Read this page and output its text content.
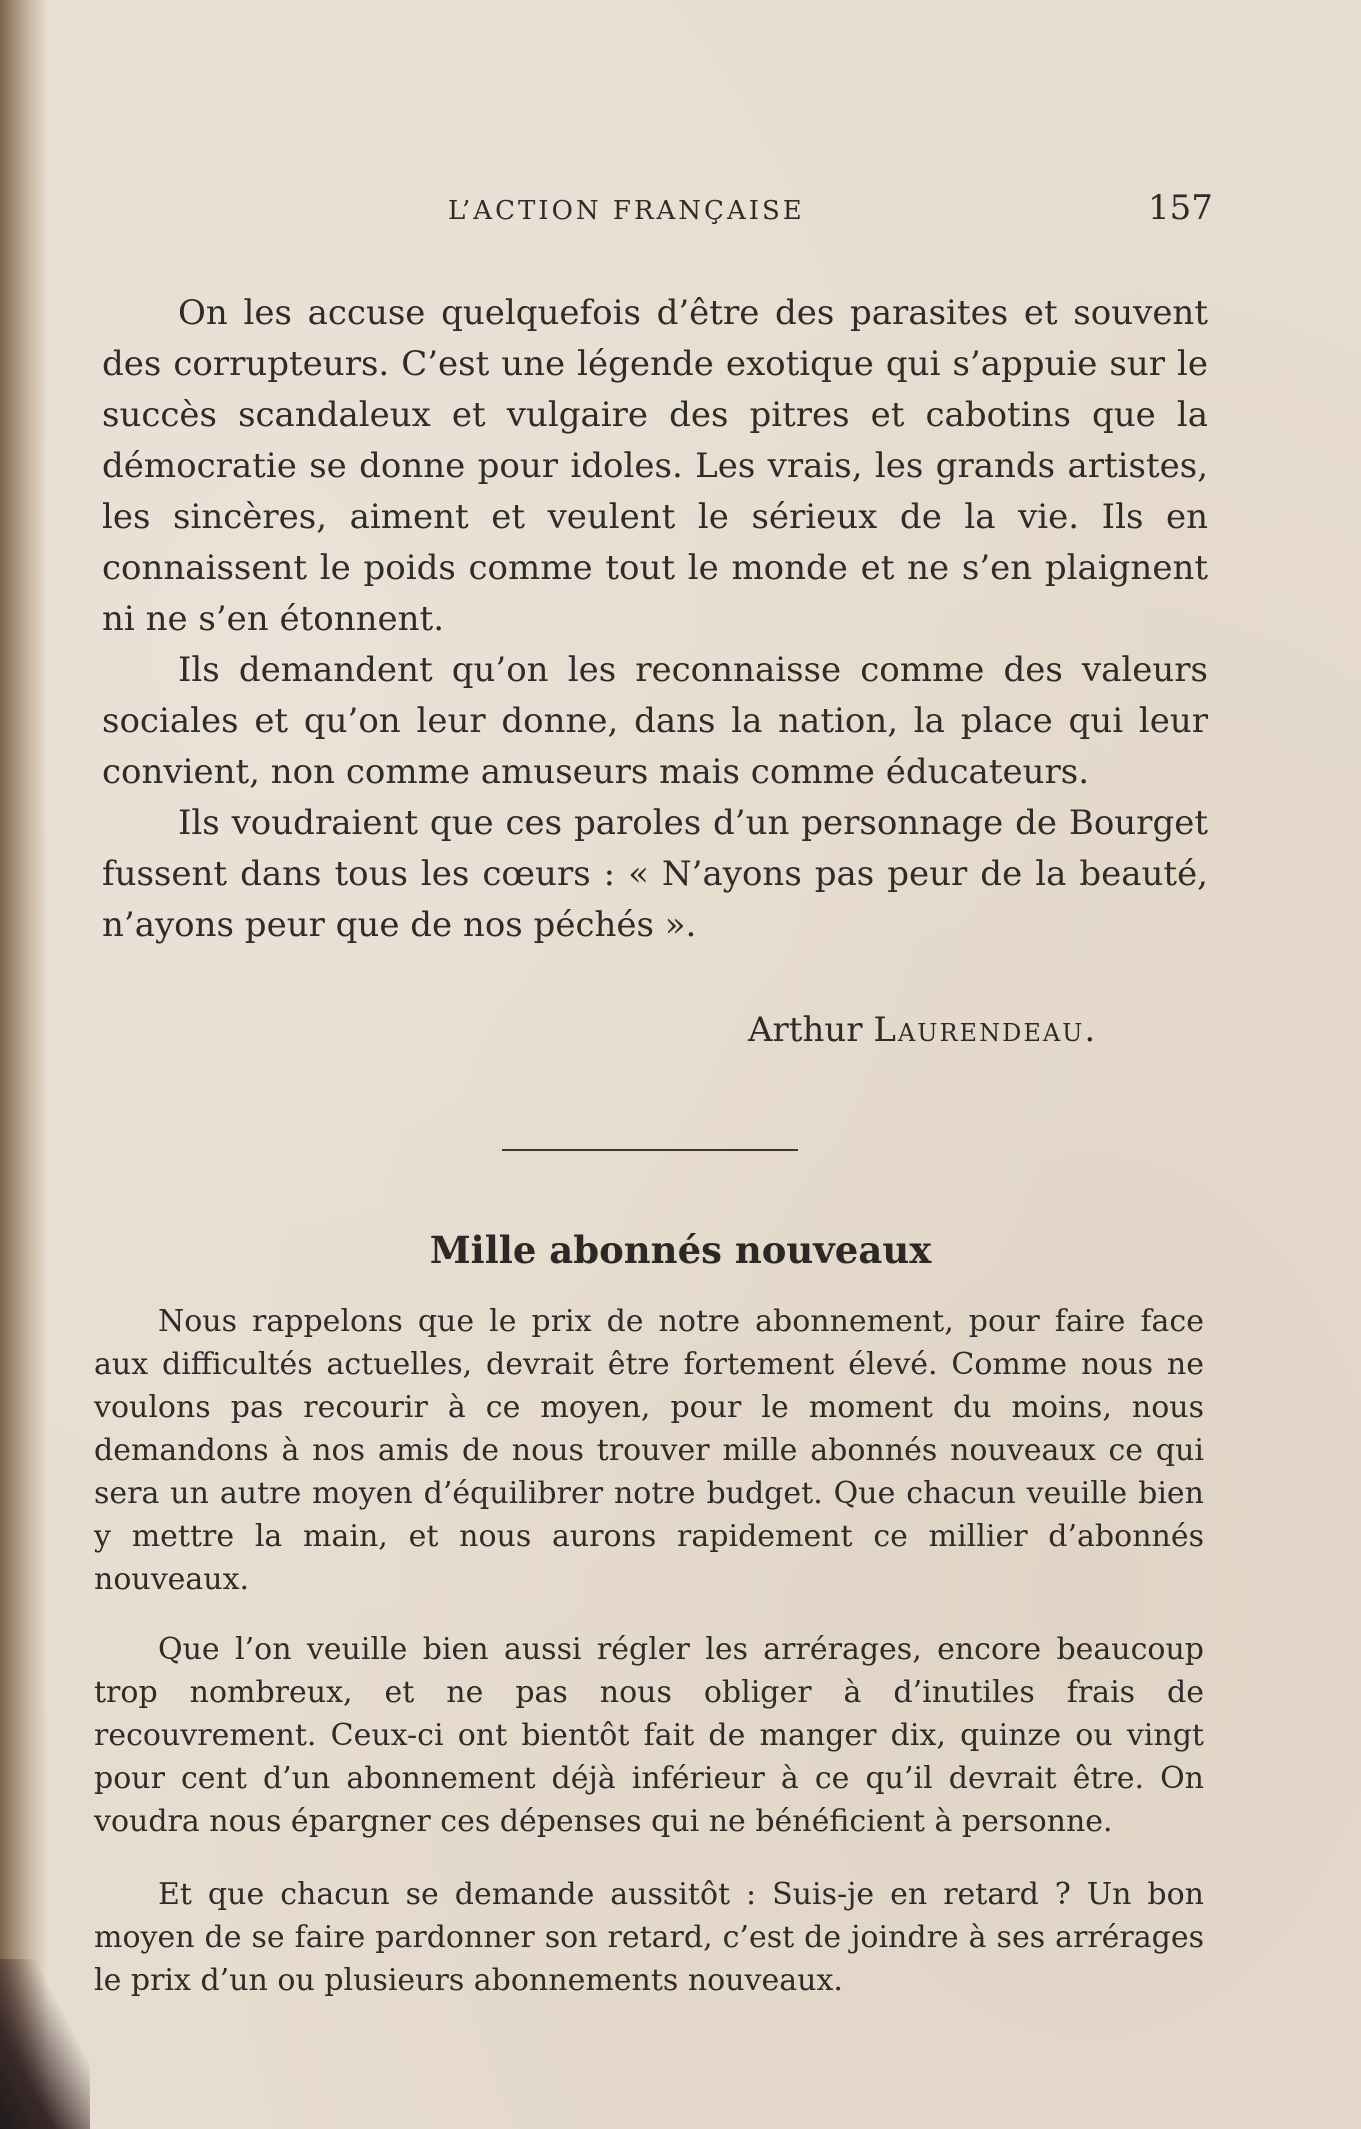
L’ACTION FRANÇAISE	157

On les accuse quelquefois d’être des parasites et souvent des corrupteurs. C’est une légende exotique qui s’appuie sur le succès scandaleux et vulgaire des pitres et cabotins que la démocratie se donne pour idoles. Les vrais, les grands artistes, les sincères, aiment et veulent le sérieux de la vie. Ils en connaissent le poids comme tout le monde et ne s’en plaignent ni ne s’en étonnent.

Ils demandent qu’on les reconnaisse comme des valeurs sociales et qu’on leur donne, dans la nation, la place qui leur convient, non comme amuseurs mais comme éducateurs.

Ils voudraient que ces paroles d’un personnage de Bourget fussent dans tous les cœurs : « N’ayons pas peur de la beauté, n’ayons peur que de nos péchés ».

Arthur Laurendeau.
Mille abonnés nouveaux

Nous rappelons que le prix de notre abonnement, pour faire face aux difficultés actuelles, devrait être fortement élevé. Comme nous ne voulons pas recourir à ce moyen, pour le moment du moins, nous demandons à nos amis de nous trouver mille abonnés nouveaux ce qui sera un autre moyen d’équilibrer notre budget. Que chacun veuille bien y mettre la main, et nous aurons rapidement ce millier d’abonnés nouveaux.

Que l’on veuille bien aussi régler les arrérages, encore beaucoup trop nombreux, et ne pas nous obliger à d’inutiles frais de recouvrement. Ceux-ci ont bientôt fait de manger dix, quinze ou vingt pour cent d’un abonnement déjà inférieur à ce qu’il devrait être. On voudra nous épargner ces dépenses qui ne bénéficient à personne.

Et que chacun se demande aussitôt : Suis-je en retard ? Un bon moyen de se faire pardonner son retard, c’est de joindre à ses arrérages le prix d’un ou plusieurs abonnements nouveaux.
